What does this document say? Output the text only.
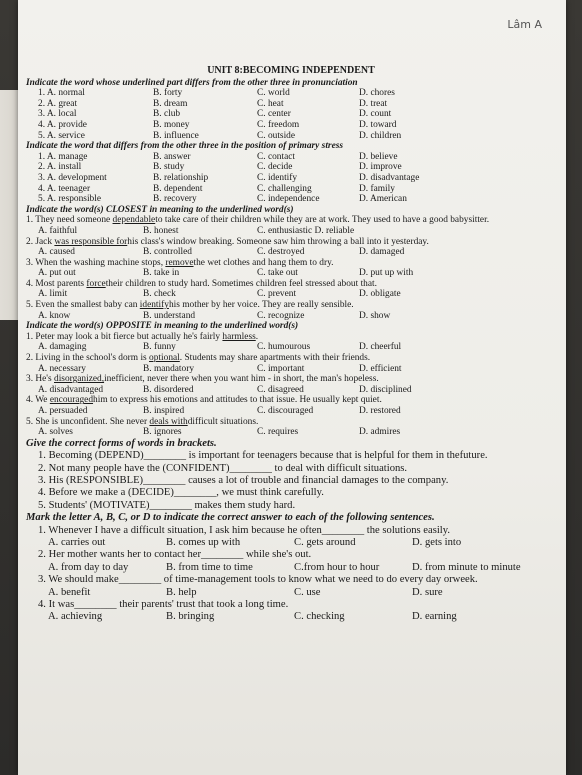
Lâm A
UNIT 8:BECOMING INDEPENDENT
Indicate the word whose underlined part differs from the other three in pronunciation
1. A. normal	B. forty	C. world	D. chores
2. A. great	B. dream	C. heat	D. treat
3. A. local	B. club	C. center	D. count
4. A. provide	B. money	C. freedom	D. toward
5. A. service	B. influence	C. outside	D. children
Indicate the word that differs from the other three in the position of primary stress
1. A. manage	B. answer	C. contact	D. believe
2. A. install	B. study	C. decide	D. improve
3. A. development	B. relationship	C. identify	D. disadvantage
4. A. teenager	B. dependent	C. challenging	D. family
5. A. responsible	B. recovery	C. independence	D. American
Indicate the word(s) CLOSEST in meaning to the underlined word(s)
1. They need someone dependableto take care of their children while they are at work. They used to have a good babysitter.
A. faithful	B. honest	C. enthusiastic D. reliable
2. Jack was responsible forhis class's window breaking. Someone saw him throwing a ball into it yesterday.
A. caused	B. controlled	C. destroyed	D. damaged
3. When the washing machine stops, removethe wet clothes and hang them to dry.
A. put out	B. take in	C. take out	D. put up with
4. Most parents forcetheir children to study hard. Sometimes children feel stressed about that.
A. limit	B. check	C. prevent	D. obligate
5. Even the smallest baby can identifyhis mother by her voice. They are really sensible.
A. know	B. understand	C. recognize	D. show
Indicate the word(s) OPPOSITE in meaning to the underlined word(s)
1. Peter may look a bit fierce but actually he's fairly harmless.
A. damaging	B. funny	C. humourous	D. cheerful
2. Living in the school's dorm is optional. Students may share apartments with their friends.
A. necessary	B. mandatory	C. important	D. efficient
3. He's disorganized,inefficient, never there when you want him - in short, the man's hopeless.
A. disadvantaged	B. disordered	C. disagreed	D. disciplined
4. We encouragedhim to express his emotions and attitudes to that issue. He usually kept quiet.
A. persuaded	B. inspired	C. discouraged	D. restored
5. She is unconfident. She never deals withdifficult situations.
A. solves	B. ignores	C. requires	D. admires
Give the correct forms of words in brackets.
1. Becoming (DEPEND)________ is important for teenagers because that is helpful for them in thefuture.
2. Not many people have the (CONFIDENT)________ to deal with difficult situations.
3. His (RESPONSIBLE)________ causes a lot of trouble and financial damages to the company.
4. Before we make a (DECIDE)________, we must think carefully.
5. Students' (MOTIVATE)________ makes them study hard.
Mark the letter A, B, C, or D to indicate the correct answer to each of the following sentences.
1. Whenever I have a difficult situation, I ask him because he often________ the solutions easily.
A. carries out	B. comes up with	C. gets around	D. gets into
2. Her mother wants her to contact her________ while she's out.
A. from day to day	B. from time to time	C.from hour to hour	D. from minute to minute
3. We should make________ of time-management tools to know what we need to do every day orweek.
A. benefit	B. help	C. use	D. sure
4. It was________ their parents' trust that took a long time.
A. achieving	B. bringing	C. checking	D. earning
